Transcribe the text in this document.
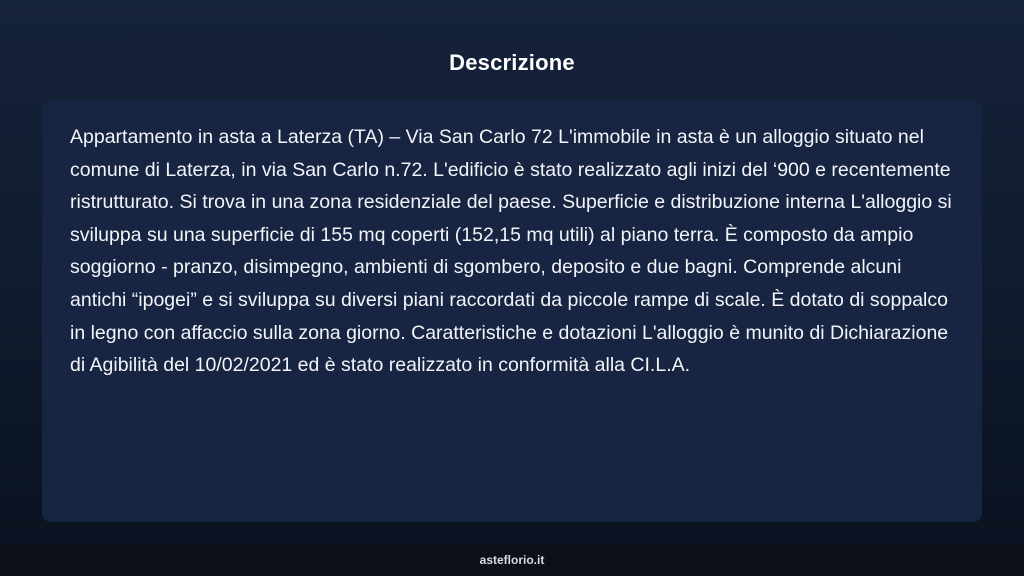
Descrizione

Appartamento in asta a Laterza (TA) – Via San Carlo 72 L'immobile in asta è un alloggio situato nel comune di Laterza, in via San Carlo n.72. L'edificio è stato realizzato agli inizi del ‘900 e recentemente ristrutturato. Si trova in una zona residenziale del paese. Superficie e distribuzione interna L'alloggio si sviluppa su una superficie di 155 mq coperti (152,15 mq utili) al piano terra. È composto da ampio soggiorno - pranzo, disimpegno, ambienti di sgombero, deposito e due bagni. Comprende alcuni antichi “ipogei” e si sviluppa su diversi piani raccordati da piccole rampe di scale. È dotato di soppalco in legno con affaccio sulla zona giorno. Caratteristiche e dotazioni L'alloggio è munito di Dichiarazione di Agibilità del 10/02/2021 ed è stato realizzato in conformità alla CI.L.A.

asteflorio.it
